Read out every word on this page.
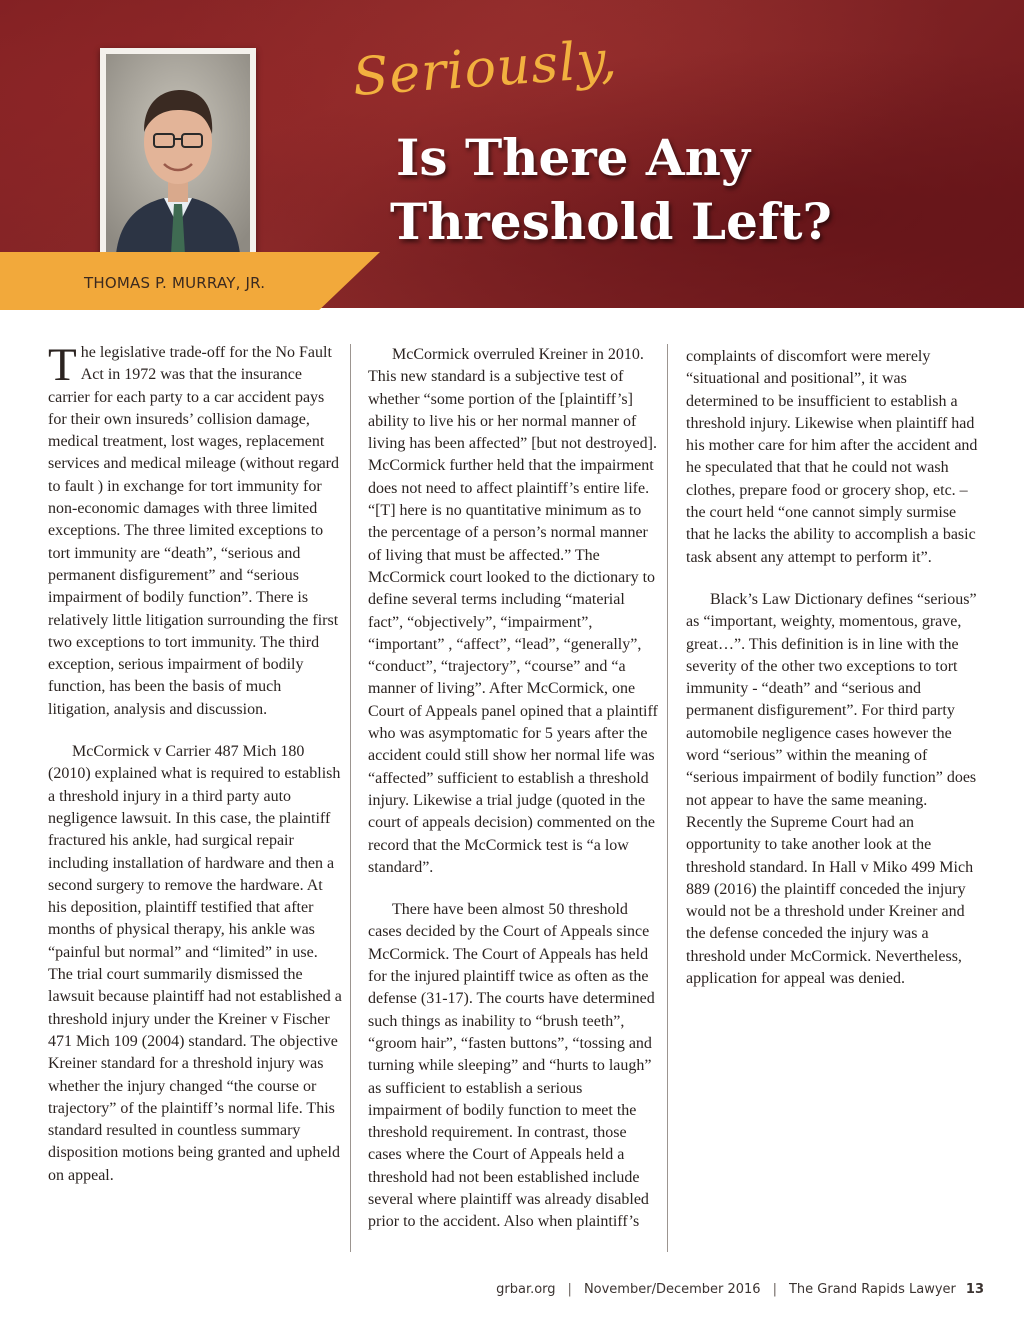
THOMAS P. MURRAY, JR.
Seriously,
Is There Any
Threshold Left?

The legislative trade-off for the No Fault Act in 1972 was that the insurance carrier for each party to a car accident pays for their own insureds’ collision damage, medical treatment, lost wages, replacement services and medical mileage (without regard to fault ) in exchange for tort immunity for non-economic damages with three limited exceptions. The three limited exceptions to tort immunity are “death”, “serious and permanent disfigurement” and “serious impairment of bodily function”. There is relatively little litigation surrounding the first two exceptions to tort immunity. The third exception, serious impairment of bodily function, has been the basis of much litigation, analysis and discussion.

McCormick v Carrier 487 Mich 180 (2010) explained what is required to establish a threshold injury in a third party auto negligence lawsuit. In this case, the plaintiff fractured his ankle, had surgical repair including installation of hardware and then a second surgery to remove the hardware. At his deposition, plaintiff testified that after months of physical therapy, his ankle was “painful but normal” and “limited” in use. The trial court summarily dismissed the lawsuit because plaintiff had not established a threshold injury under the Kreiner v Fischer 471 Mich 109 (2004) standard. The objective Kreiner standard for a threshold injury was whether the injury changed “the course or trajectory” of the plaintiff’s normal life. This standard resulted in countless summary disposition motions being granted and upheld on appeal.

McCormick overruled Kreiner in 2010. This new standard is a subjective test of whether “some portion of the [plaintiff’s] ability to live his or her normal manner of living has been affected” [but not destroyed]. McCormick further held that the impairment does not need to affect plaintiff’s entire life. “[T] here is no quantitative minimum as to the percentage of a person’s normal manner of living that must be affected.” The McCormick court looked to the dictionary to define several terms including “material fact”, “objectively”, “impairment”, “important” , “affect”, “lead”, “generally”, “conduct”, “trajectory”, “course” and “a manner of living”. After McCormick, one Court of Appeals panel opined that a plaintiff who was asymptomatic for 5 years after the accident could still show her normal life was “affected” sufficient to establish a threshold injury. Likewise a trial judge (quoted in the court of appeals decision) commented on the record that the McCormick test is “a low standard”.

There have been almost 50 threshold cases decided by the Court of Appeals since McCormick. The Court of Appeals has held for the injured plaintiff twice as often as the defense (31-17). The courts have determined such things as inability to “brush teeth”, “groom hair”, “fasten buttons”, “tossing and turning while sleeping” and “hurts to laugh” as sufficient to establish a serious impairment of bodily function to meet the threshold requirement. In contrast, those cases where the Court of Appeals held a threshold had not been established include several where plaintiff was already disabled prior to the accident. Also when plaintiff’s

complaints of discomfort were merely “situational and positional”, it was determined to be insufficient to establish a threshold injury. Likewise when plaintiff had his mother care for him after the accident and he speculated that that he could not wash clothes, prepare food or grocery shop, etc. – the court held “one cannot simply surmise that he lacks the ability to accomplish a basic task absent any attempt to perform it”.

Black’s Law Dictionary defines “serious” as “important, weighty, momentous, grave, great…”. This definition is in line with the severity of the other two exceptions to tort immunity - “death” and “serious and permanent disfigurement”. For third party automobile negligence cases however the word “serious” within the meaning of “serious impairment of bodily function” does not appear to have the same meaning. Recently the Supreme Court had an opportunity to take another look at the threshold standard. In Hall v Miko 499 Mich 889 (2016) the plaintiff conceded the injury would not be a threshold under Kreiner and the defense conceded the injury was a threshold under McCormick. Nevertheless, application for appeal was denied.

grbar.org | November/December 2016 | The Grand Rapids Lawyer 13
